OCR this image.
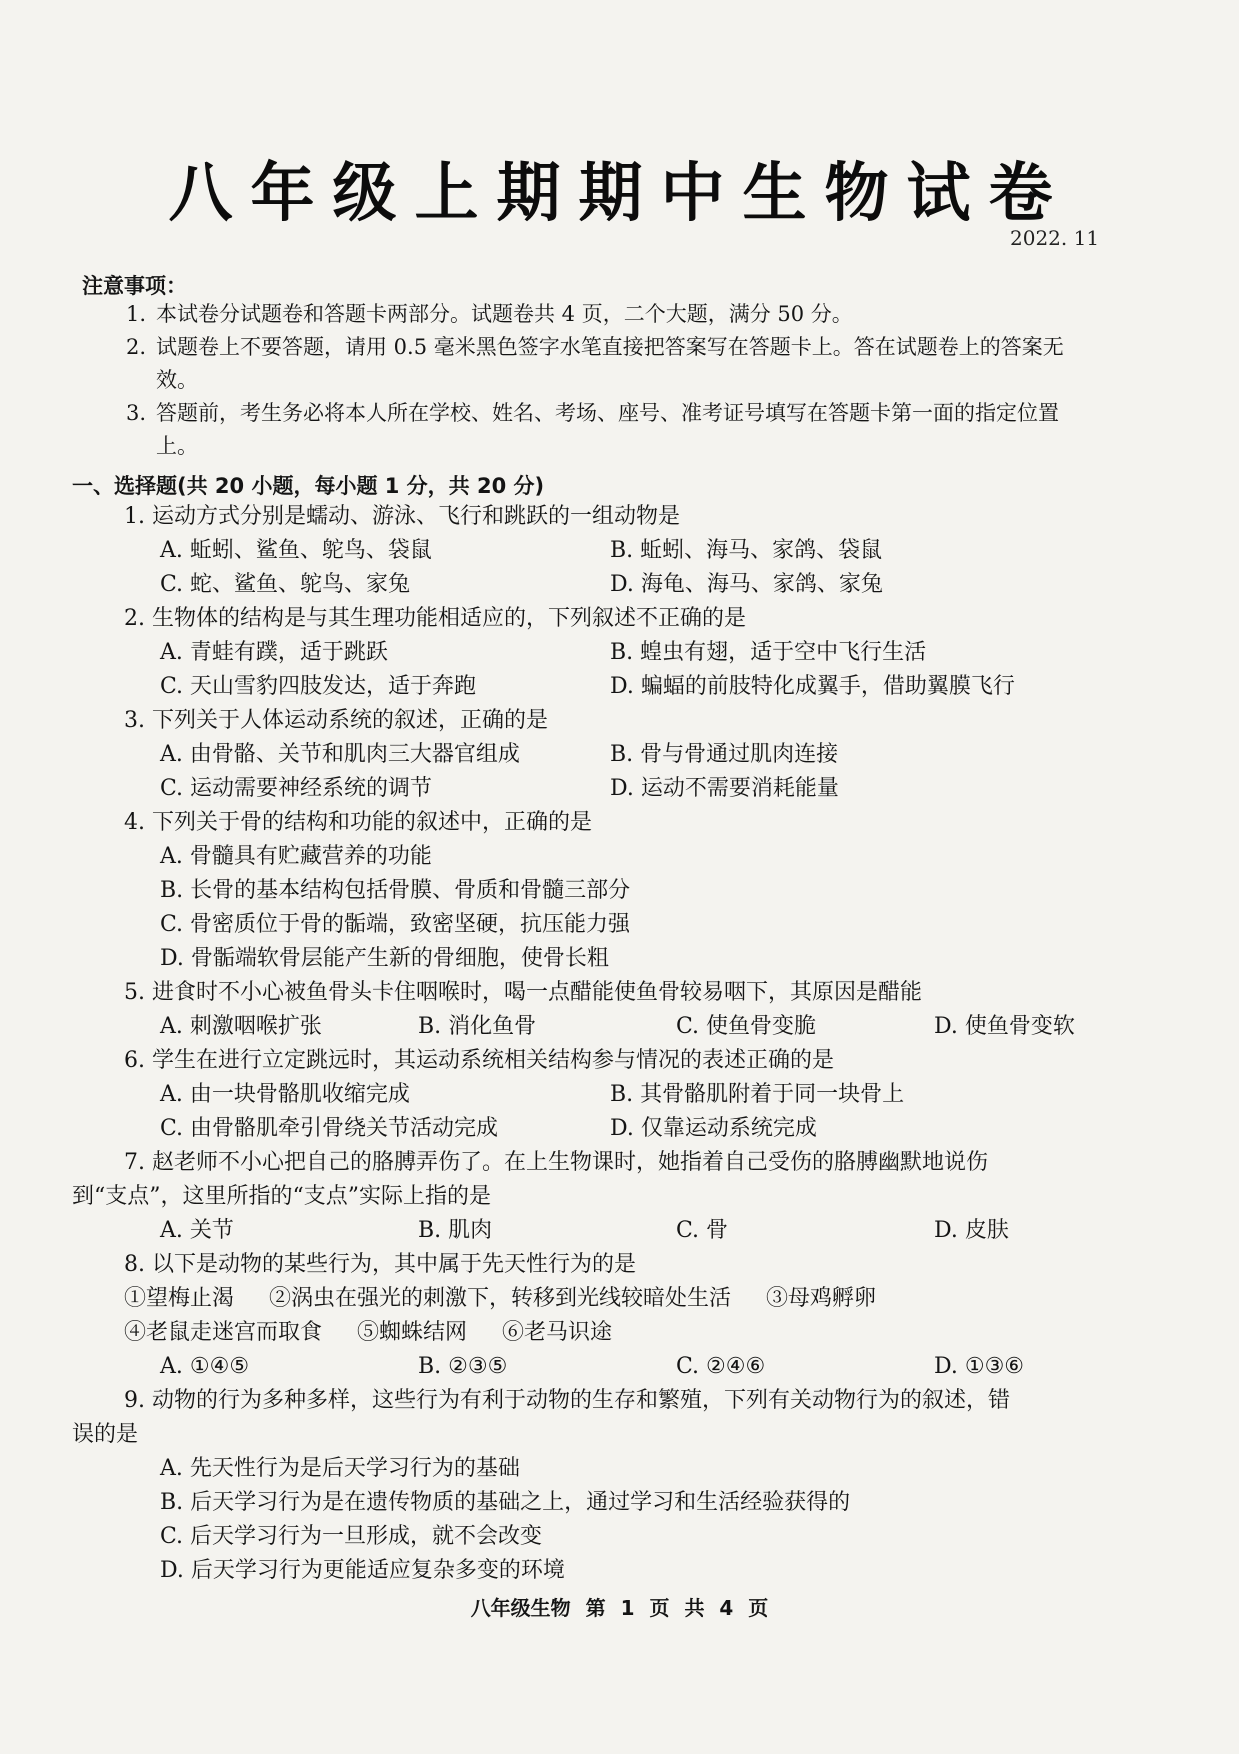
八年级上期期中生物试卷
2022. 11
注意事项：
1. 本试卷分试题卷和答题卡两部分。试题卷共 4 页，二个大题，满分 50 分。
2. 试题卷上不要答题，请用 0.5 毫米黑色签字水笔直接把答案写在答题卡上。答在试题卷上的答案无效。
3. 答题前，考生务必将本人所在学校、姓名、考场、座号、准考证号填写在答题卡第一面的指定位置上。
一、选择题(共 20 小题，每小题 1 分，共 20 分)
1. 运动方式分别是蠕动、游泳、飞行和跳跃的一组动物是
A. 蚯蚓、鲨鱼、鸵鸟、袋鼠	B. 蚯蚓、海马、家鸽、袋鼠
C. 蛇、鲨鱼、鸵鸟、家兔	D. 海龟、海马、家鸽、家兔
2. 生物体的结构是与其生理功能相适应的，下列叙述不正确的是
A. 青蛙有蹼，适于跳跃	B. 蝗虫有翅，适于空中飞行生活
C. 天山雪豹四肢发达，适于奔跑	D. 蝙蝠的前肢特化成翼手，借助翼膜飞行
3. 下列关于人体运动系统的叙述，正确的是
A. 由骨骼、关节和肌肉三大器官组成	B. 骨与骨通过肌肉连接
C. 运动需要神经系统的调节	D. 运动不需要消耗能量
4. 下列关于骨的结构和功能的叙述中，正确的是
A. 骨髓具有贮藏营养的功能
B. 长骨的基本结构包括骨膜、骨质和骨髓三部分
C. 骨密质位于骨的骺端，致密坚硬，抗压能力强
D. 骨骺端软骨层能产生新的骨细胞，使骨长粗
5. 进食时不小心被鱼骨头卡住咽喉时，喝一点醋能使鱼骨较易咽下，其原因是醋能
A. 刺激咽喉扩张	B. 消化鱼骨	C. 使鱼骨变脆	D. 使鱼骨变软
6. 学生在进行立定跳远时，其运动系统相关结构参与情况的表述正确的是
A. 由一块骨骼肌收缩完成	B. 其骨骼肌附着于同一块骨上
C. 由骨骼肌牵引骨绕关节活动完成	D. 仅靠运动系统完成
7. 赵老师不小心把自己的胳膊弄伤了。在上生物课时，她指着自己受伤的胳膊幽默地说伤
到“支点”，这里所指的“支点”实际上指的是
A. 关节	B. 肌肉	C. 骨	D. 皮肤
8. 以下是动物的某些行为，其中属于先天性行为的是
①望梅止渴 ②涡虫在强光的刺激下，转移到光线较暗处生活 ③母鸡孵卵
④老鼠走迷宫而取食 ⑤蜘蛛结网 ⑥老马识途
A. ①④⑤	B. ②③⑤	C. ②④⑥	D. ①③⑥
9. 动物的行为多种多样，这些行为有利于动物的生存和繁殖，下列有关动物行为的叙述，错
误的是
A. 先天性行为是后天学习行为的基础
B. 后天学习行为是在遗传物质的基础之上，通过学习和生活经验获得的
C. 后天学习行为一旦形成，就不会改变
D. 后天学习行为更能适应复杂多变的环境
八年级生物 第 1 页 共 4 页
